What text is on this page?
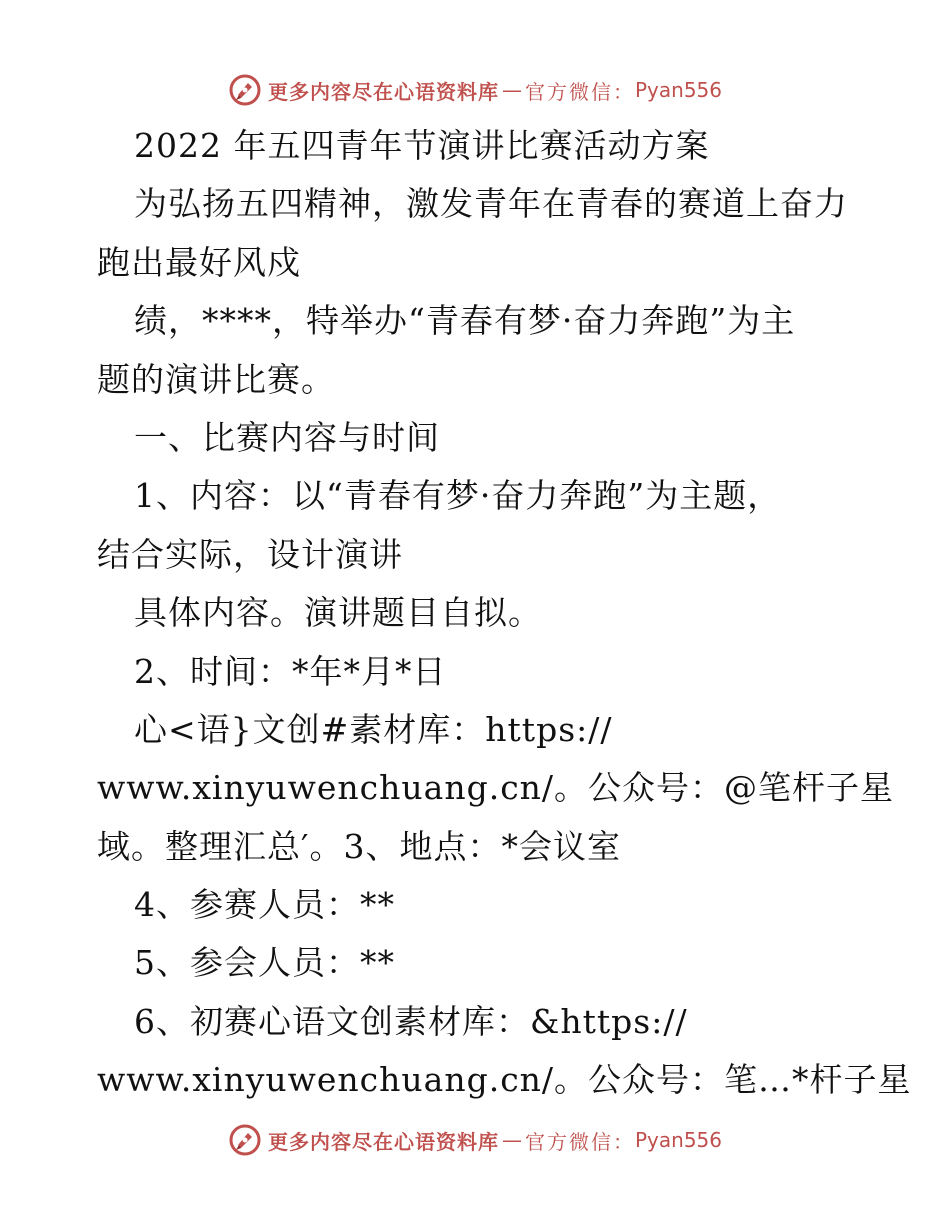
更多内容尽在心语资料库 — 官方微信 ： Pyan556
2022 年五四青年节演讲比赛活动方案
为弘扬五四精神，激发青年在青春的赛道上奋力
跑出最好风戍
绩，****，特举办“青春有梦·奋力奔跑”为主
题的演讲比赛。
一、比赛内容与时间
1、内容：以“青春有梦·奋力奔跑”为主题，
结合实际，设计演讲
具体内容。演讲题目自拟。
2、时间：*年*月*日
心<语}文创#素材库：https://
www.xinyuwenchuang.cn/。公众号：@笔杆子星
域。整理汇总′。3、地点：*会议室
4、参赛人员：**
5、参会人员：**
6、初赛心语文创素材库：&https://
www.xinyuwenchuang.cn/。公众号：笔…*杆子星
更多内容尽在心语资料库 — 官方微信 ： Pyan556
